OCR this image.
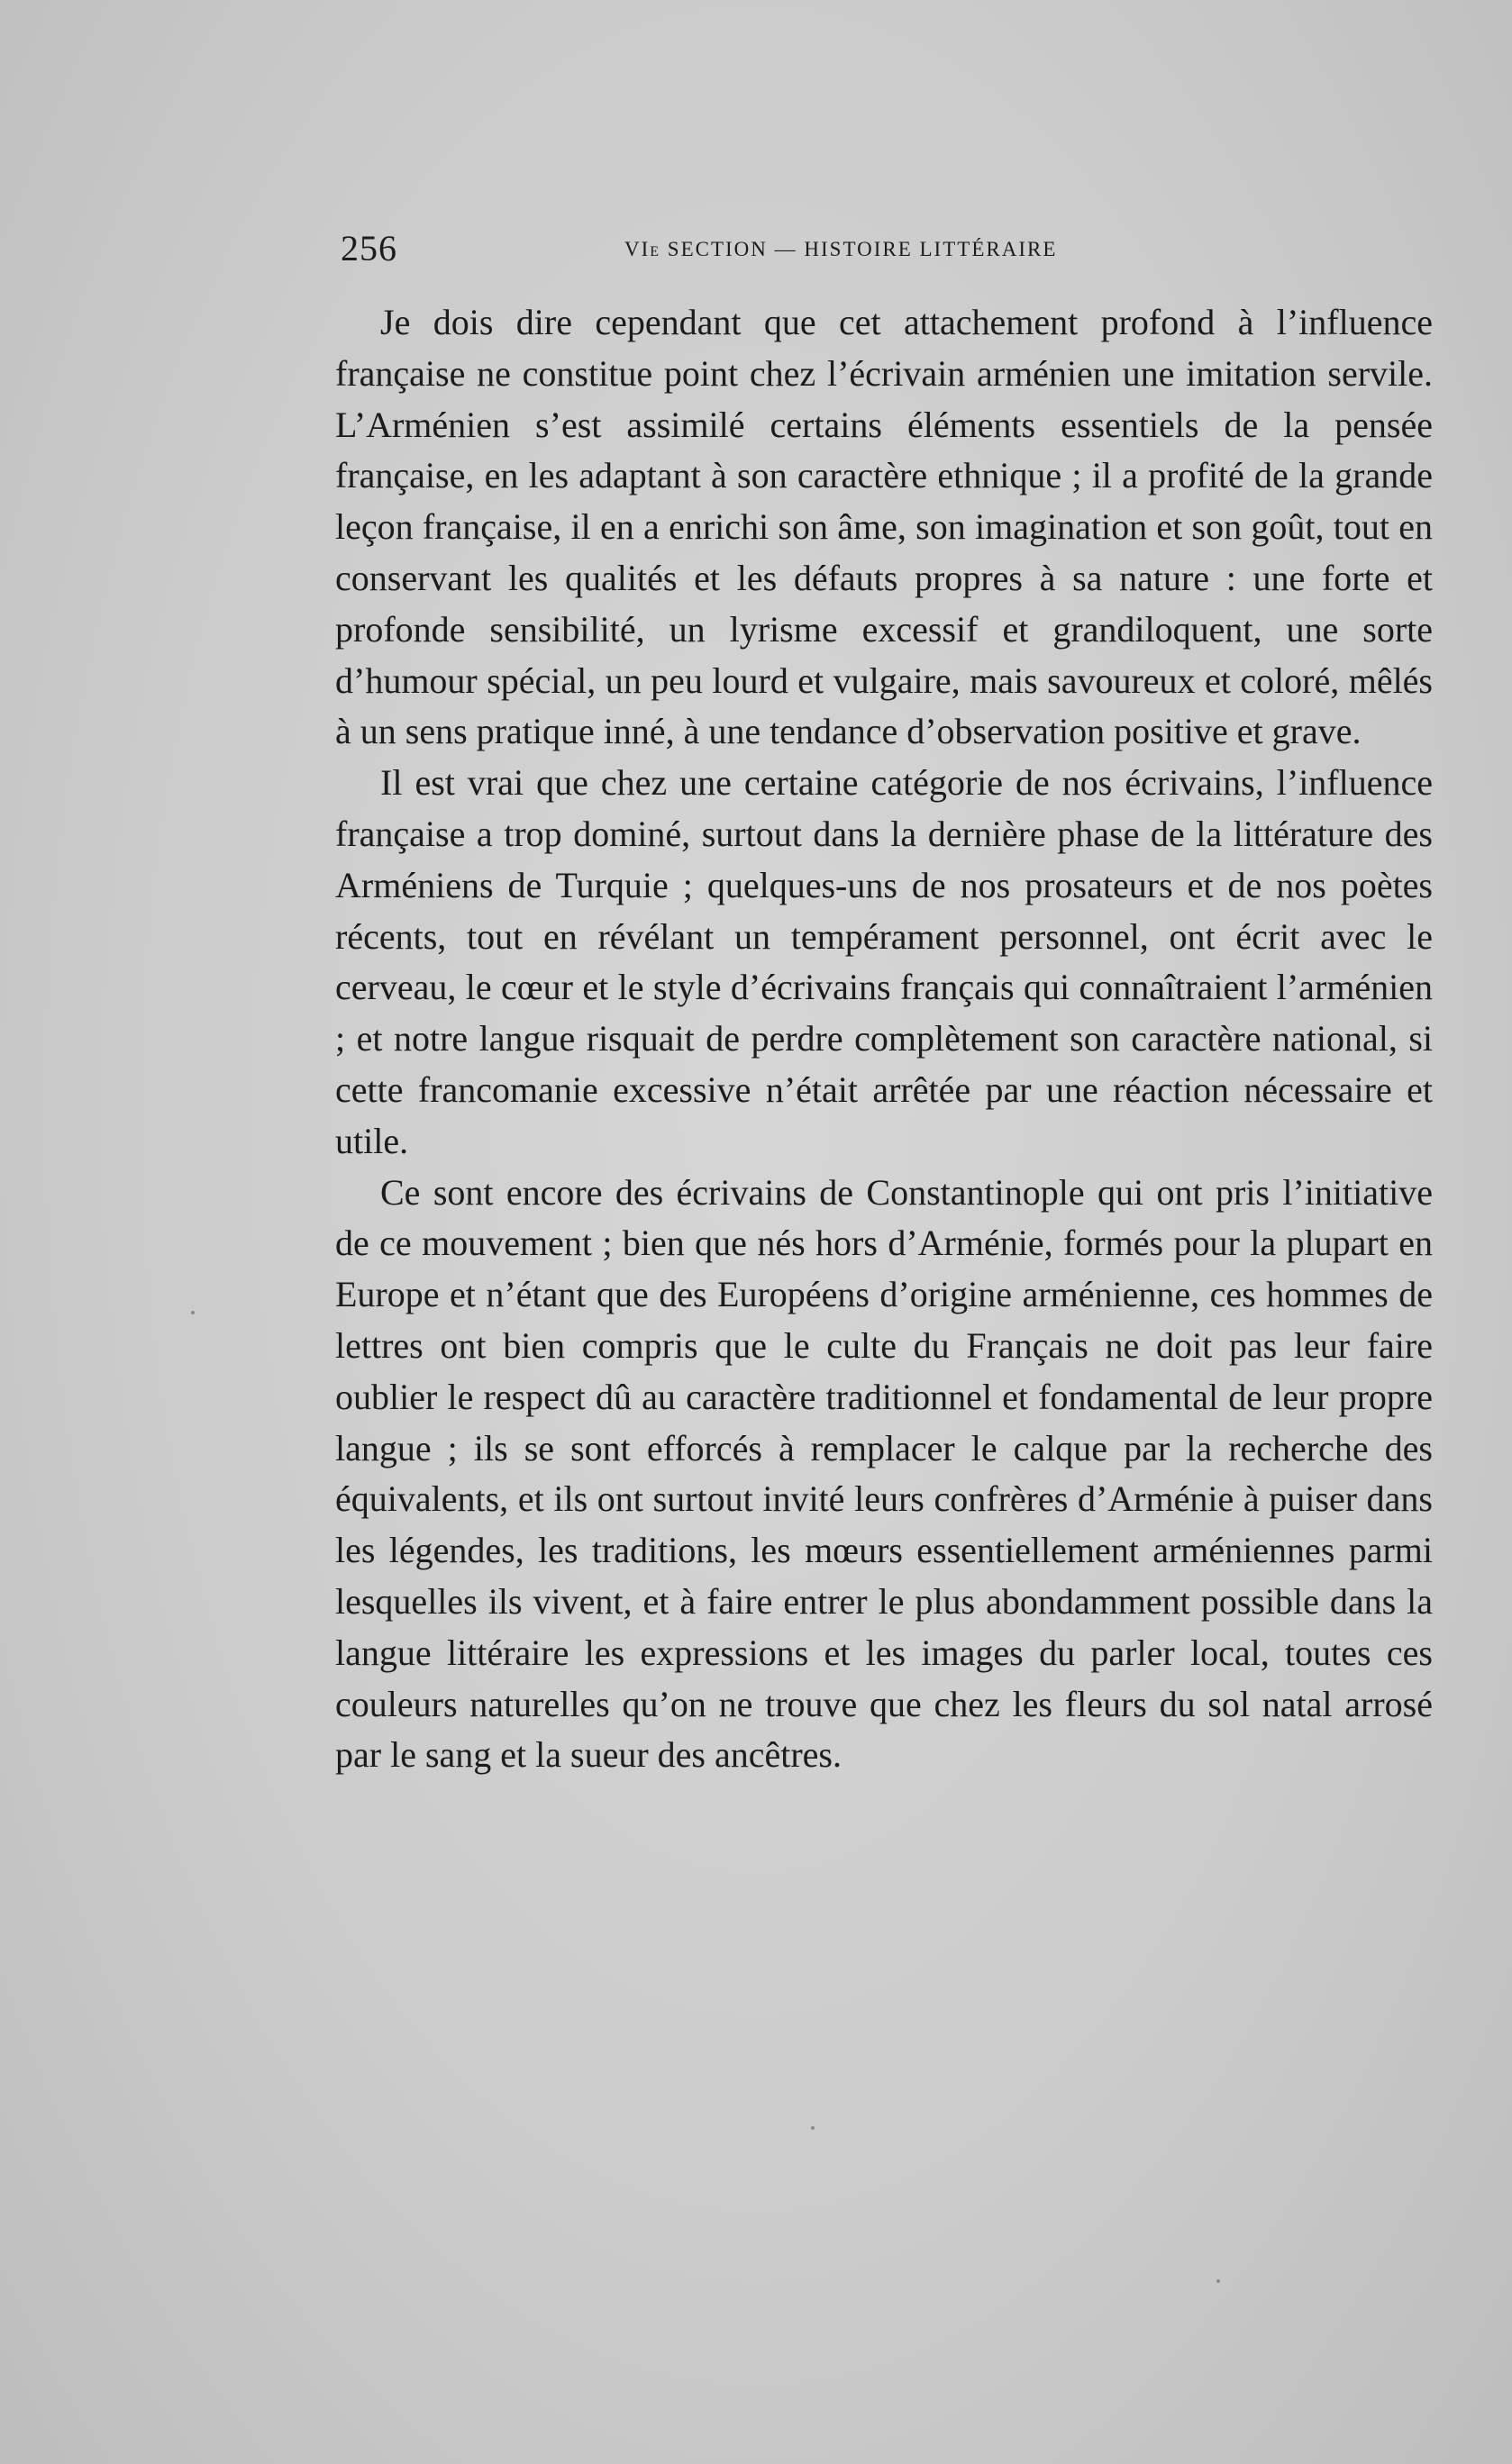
256	VIe SECTION — HISTOIRE LITTÉRAIRE

Je dois dire cependant que cet attachement profond à l’influence française ne constitue point chez l’écrivain arménien une imitation servile. L’Arménien s’est assimilé certains éléments essentiels de la pensée française, en les adaptant à son caractère ethnique ; il a profité de la grande leçon française, il en a enrichi son âme, son imagination et son goût, tout en conservant les qualités et les défauts propres à sa nature : une forte et profonde sensibilité, un lyrisme excessif et grandiloquent, une sorte d’humour spécial, un peu lourd et vulgaire, mais savoureux et coloré, mêlés à un sens pratique inné, à une tendance d’observation positive et grave.

Il est vrai que chez une certaine catégorie de nos écrivains, l’influence française a trop dominé, surtout dans la dernière phase de la littérature des Arméniens de Turquie ; quelques-uns de nos prosateurs et de nos poètes récents, tout en révélant un tempérament personnel, ont écrit avec le cerveau, le cœur et le style d’écrivains français qui connaîtraient l’arménien ; et notre langue risquait de perdre complètement son caractère national, si cette francomanie excessive n’était arrêtée par une réaction nécessaire et utile.

Ce sont encore des écrivains de Constantinople qui ont pris l’initiative de ce mouvement ; bien que nés hors d’Arménie, formés pour la plupart en Europe et n’étant que des Européens d’origine arménienne, ces hommes de lettres ont bien compris que le culte du Français ne doit pas leur faire oublier le respect dû au caractère traditionnel et fondamental de leur propre langue ; ils se sont efforcés à remplacer le calque par la recherche des équivalents, et ils ont surtout invité leurs confrères d’Arménie à puiser dans les légendes, les traditions, les mœurs essentiellement arméniennes parmi lesquelles ils vivent, et à faire entrer le plus abondamment possible dans la langue littéraire les expressions et les images du parler local, toutes ces couleurs naturelles qu’on ne trouve que chez les fleurs du sol natal arrosé par le sang et la sueur des ancêtres.
